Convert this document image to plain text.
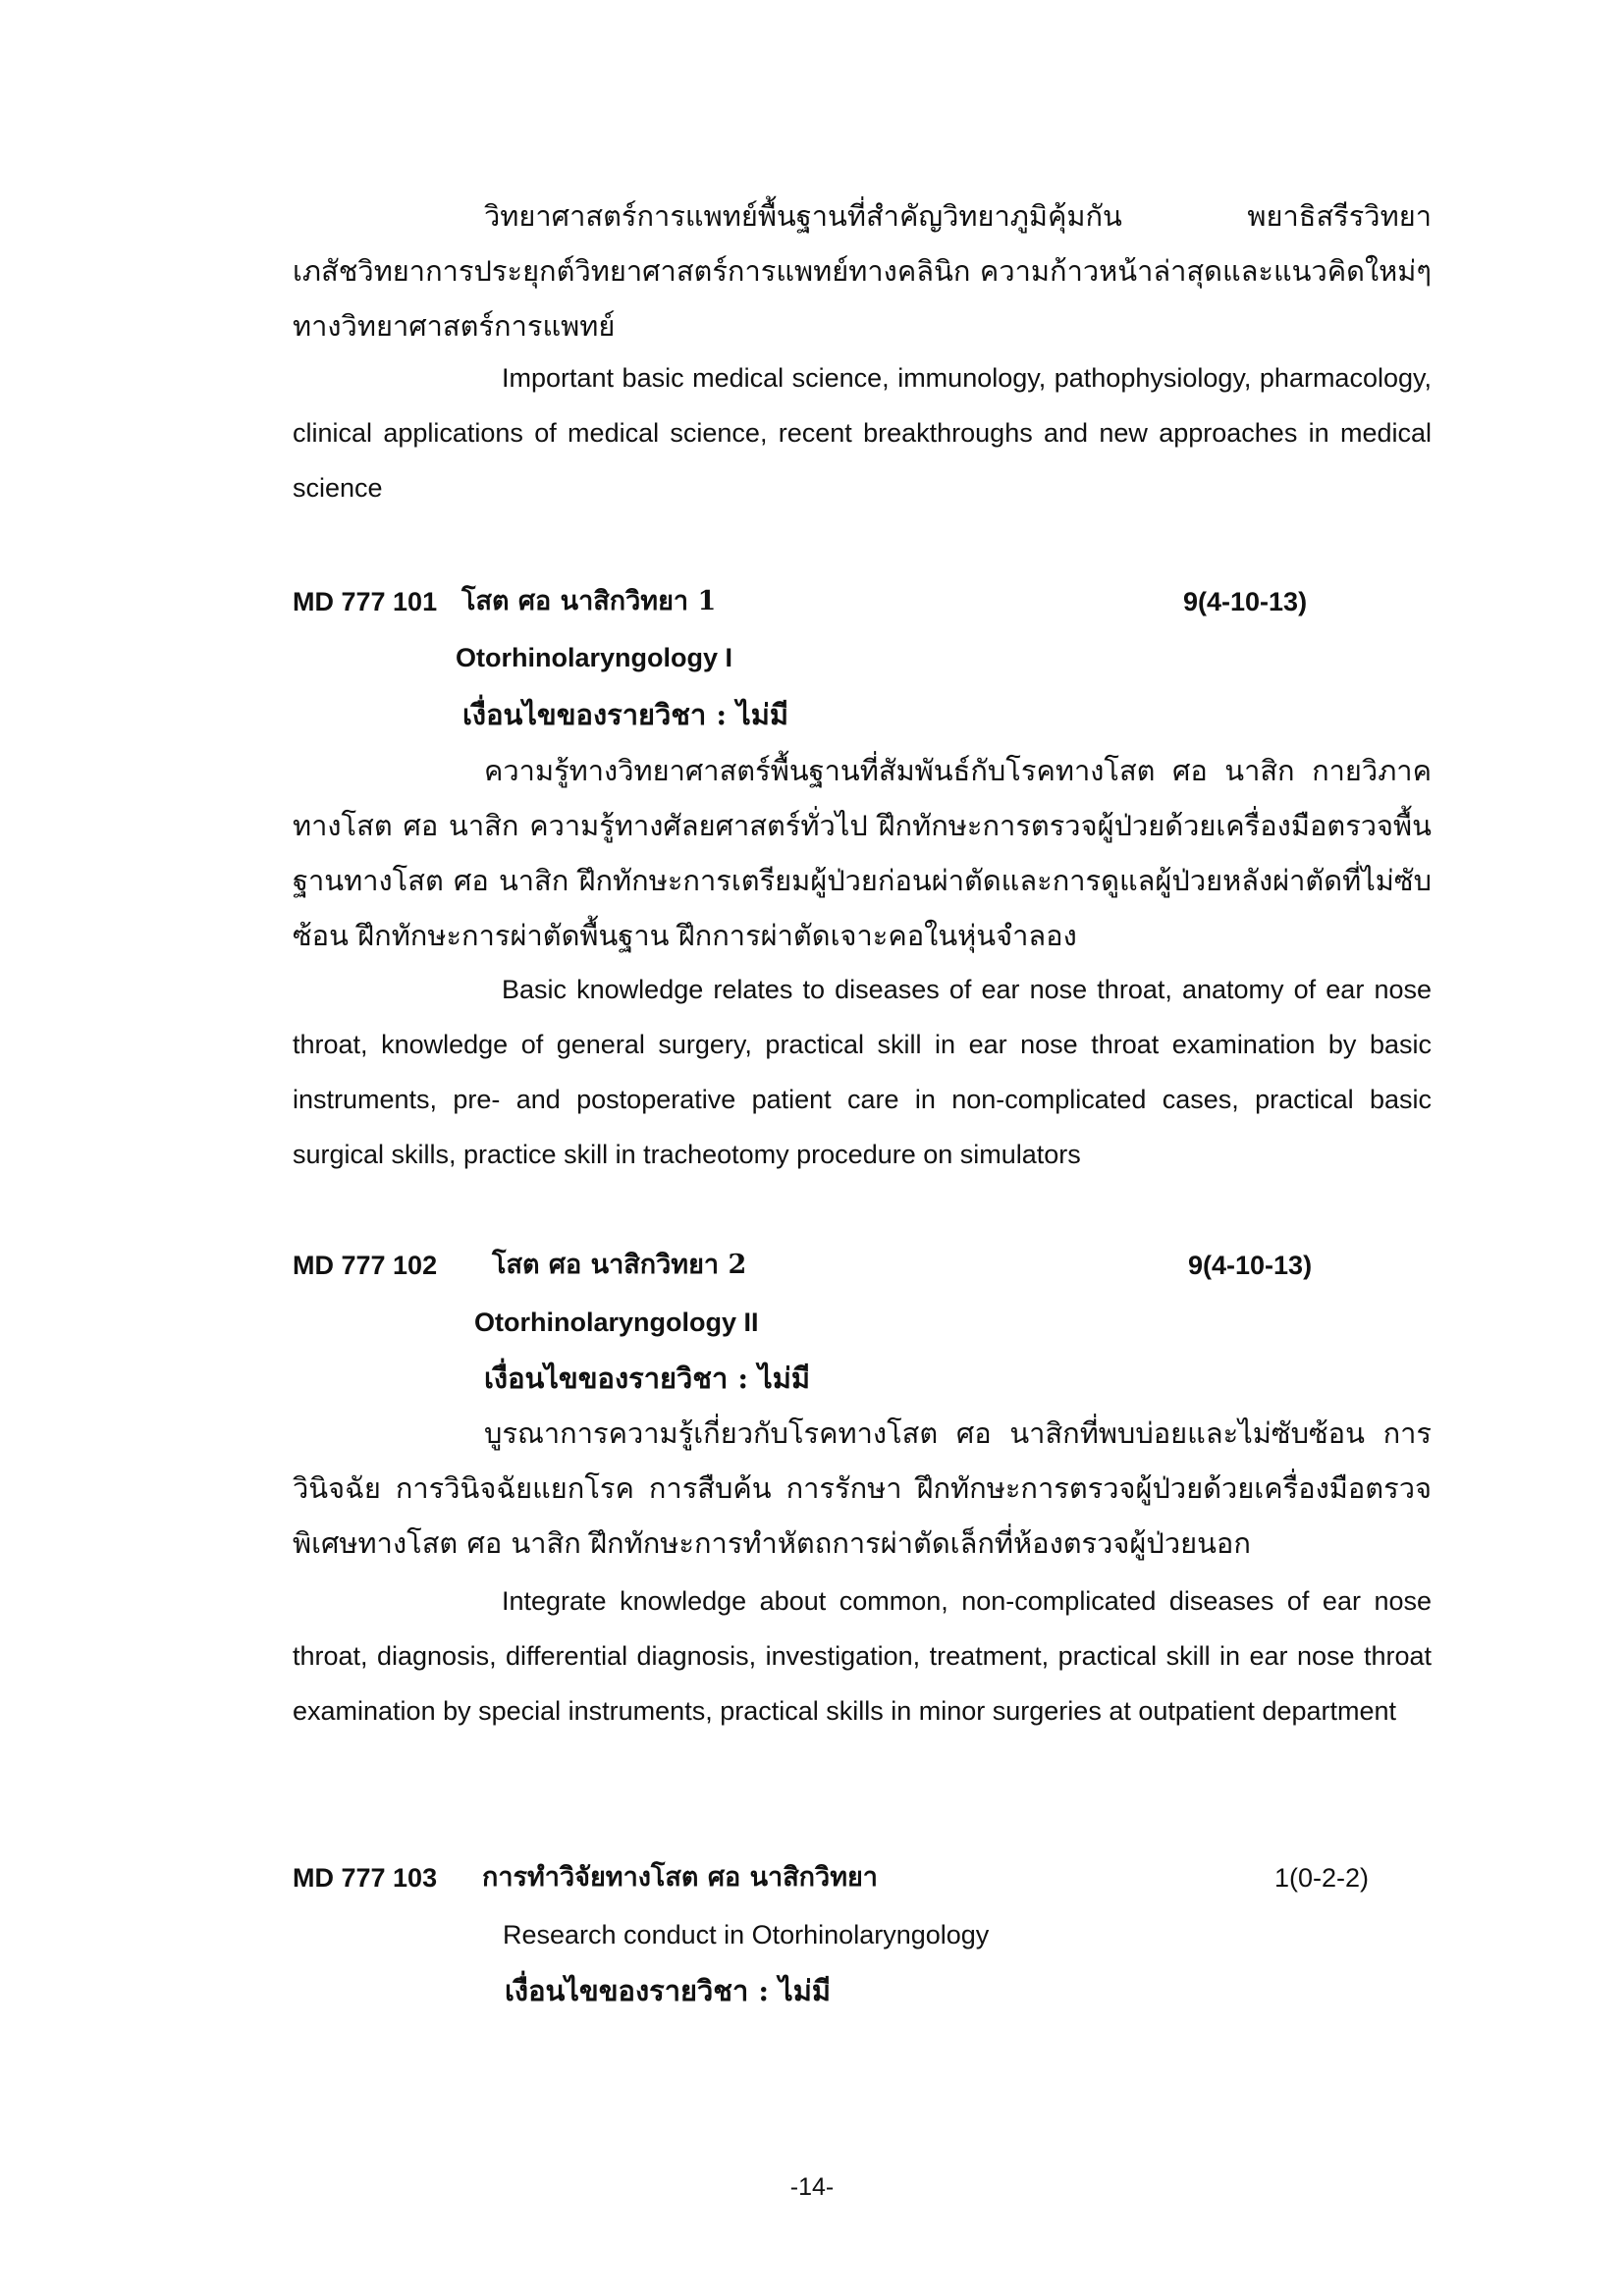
วิทยาศาสตร์การแพทย์พื้นฐานที่สำคัญวิทยาภูมิคุ้มกัน พยาธิสรีรวิทยา เภสัชวิทยาการประยุกต์วิทยาศาสตร์การแพทย์ทางคลินิก ความก้าวหน้าล่าสุดและแนวคิดใหม่ๆ ทางวิทยาศาสตร์การแพทย์
Important basic medical science, immunology, pathophysiology, pharmacology, clinical applications of medical science, recent breakthroughs and new approaches in medical science
MD 777 101 โสต ศอ นาสิกวิทยา 1	9(4-10-13)
Otorhinolaryngology I
เงื่อนไขของรายวิชา : ไม่มี
ความรู้ทางวิทยาศาสตร์พื้นฐานที่สัมพันธ์กับโรคทางโสต ศอ นาสิก กายวิภาคทางโสต ศอ นาสิก ความรู้ทางศัลยศาสตร์ทั่วไป ฝึกทักษะการตรวจผู้ป่วยด้วยเครื่องมือตรวจพื้นฐานทางโสต ศอ นาสิก ฝึกทักษะการเตรียมผู้ป่วยก่อนผ่าตัดและการดูแลผู้ป่วยหลังผ่าตัดที่ไม่ซับซ้อน ฝึกทักษะการผ่าตัดพื้นฐาน ฝึกการผ่าตัดเจาะคอในหุ่นจำลอง
Basic knowledge relates to diseases of ear nose throat, anatomy of ear nose throat, knowledge of general surgery, practical skill in ear nose throat examination by basic instruments, pre- and postoperative patient care in non-complicated cases, practical basic surgical skills, practice skill in tracheotomy procedure on simulators
MD 777 102 โสต ศอ นาสิกวิทยา 2	9(4-10-13)
Otorhinolaryngology II
เงื่อนไขของรายวิชา : ไม่มี
บูรณาการความรู้เกี่ยวกับโรคทางโสต ศอ นาสิกที่พบบ่อยและไม่ซับซ้อน การวินิจฉัย การวินิจฉัยแยกโรค การสืบค้น การรักษา ฝึกทักษะการตรวจผู้ป่วยด้วยเครื่องมือตรวจพิเศษทางโสต ศอ นาสิก ฝึกทักษะการทำหัตถการผ่าตัดเล็กที่ห้องตรวจผู้ป่วยนอก
Integrate knowledge about common, non-complicated diseases of ear nose throat, diagnosis, differential diagnosis, investigation, treatment, practical skill in ear nose throat examination by special instruments, practical skills in minor surgeries at outpatient department
MD 777 103 การทำวิจัยทางโสต ศอ นาสิกวิทยา	1(0-2-2)
Research conduct in Otorhinolaryngology
เงื่อนไขของรายวิชา : ไม่มี
-14-
